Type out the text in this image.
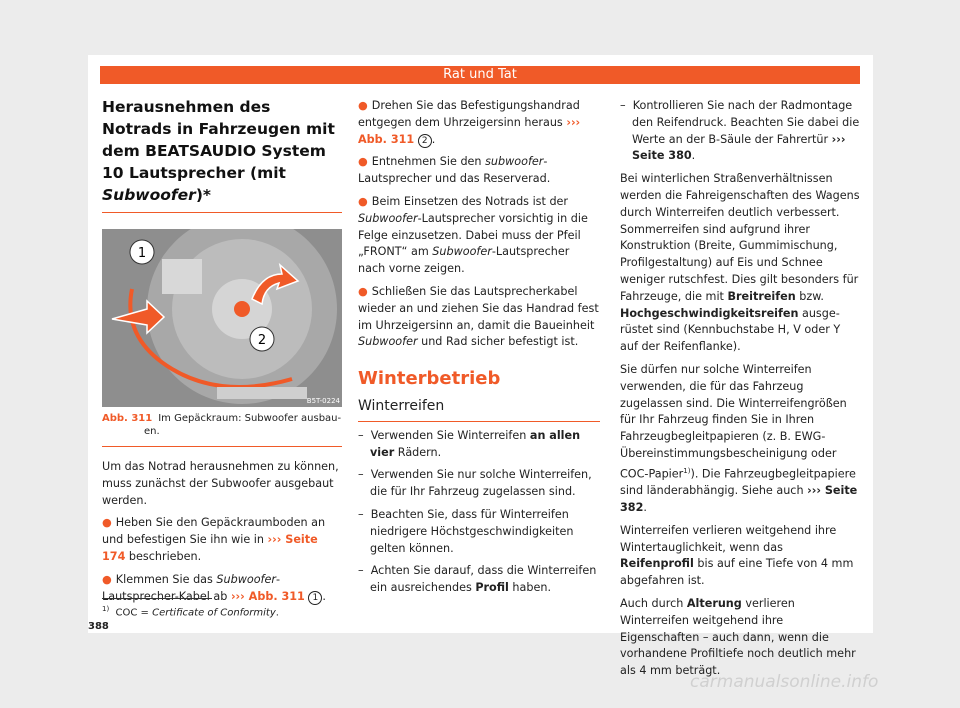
Rat und Tat
Herausnehmen des Notrads in Fahrzeugen mit dem BEATSAUDIO System 10 Lautsprecher (mit Subwoofer)*
1
2
B5T-0224
Abb. 311 Im Gepäckraum: Subwoofer ausbauen.

Um das Notrad herausnehmen zu können, muss zunächst der Subwoofer ausgebaut werden.

● Heben Sie den Gepäckraumboden an und befestigen Sie ihn wie in ››› Seite 174 beschrieben.

● Klemmen Sie das Subwoofer-Lautsprecher-Kabel ab ››› Abb. 311 1 .

● Drehen Sie das Befestigungshandrad entgegen dem Uhrzeigersinn heraus ››› Abb. 311 2 .

● Entnehmen Sie den subwoofer-Lautsprecher und das Reserverad.

● Beim Einsetzen des Notrads ist der Subwoofer-Lautsprecher vorsichtig in die Felge einzusetzen. Dabei muss der Pfeil „FRONT“ am Subwoofer-Lautsprecher nach vorne zeigen.

● Schließen Sie das Lautsprecherkabel wieder an und ziehen Sie das Handrad fest im Uhrzeigersinn an, damit die Baueinheit Subwoofer und Rad sicher befestigt ist.

Winterbetrieb
Winterreifen

–  Verwenden Sie Winterreifen an allen vier Rädern.

–  Verwenden Sie nur solche Winterreifen, die für Ihr Fahrzeug zugelassen sind.

–  Beachten Sie, dass für Winterreifen niedrigere Höchstgeschwindigkeiten gelten können.

–  Achten Sie darauf, dass die Winterreifen ein ausreichendes Profil haben.

–  Kontrollieren Sie nach der Radmontage den Reifendruck. Beachten Sie dabei die Werte an der B-Säule der Fahrertür ››› Seite 380.

Bei winterlichen Straßenverhältnissen werden die Fahreigenschaften des Wagens durch Winterreifen deutlich verbessert. Sommerreifen sind aufgrund ihrer Konstruktion (Breite, Gummimischung, Profilgestaltung) auf Eis und Schnee weniger rutschfest. Dies gilt besonders für Fahrzeuge, die mit Breitreifen bzw. Hochgeschwindigkeitsreifen ausgerüstet sind (Kennbuchstabe H, V oder Y auf der Reifenflanke).

Sie dürfen nur solche Winterreifen verwenden, die für das Fahrzeug zugelassen sind. Die Winterreifengrößen für Ihr Fahrzeug finden Sie in Ihren Fahrzeugbegleitpapieren (z. B. EWG-Übereinstimmungsbescheinigung oder COC-Papier$^{1)}$). Die Fahrzeugbegleitpapiere sind länderabhängig. Siehe auch ››› Seite 382.

Winterreifen verlieren weitgehend ihre Wintertauglichkeit, wenn das Reifenprofil bis auf eine Tiefe von 4 mm abgefahren ist.

Auch durch Alterung verlieren Winterreifen weitgehend ihre Eigenschaften – auch dann, wenn die vorhandene Profiltiefe noch deutlich mehr als 4 mm beträgt.

$^{1)}$ COC = Certificate of Conformity.
388
carmanualsonline.info
